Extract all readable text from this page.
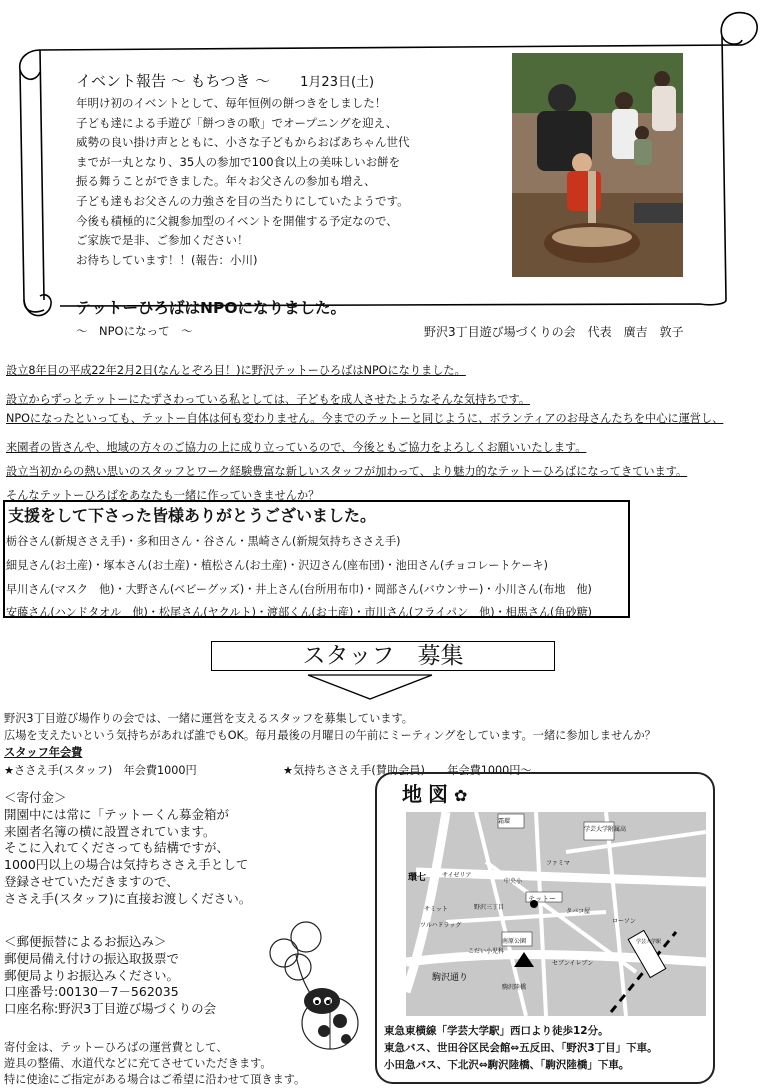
イベント報告 ～ もちつき ～ 1月23日(土)
年明け初のイベントとして、毎年恒例の餅つきをしました！
子ども達による手遊び「餅つきの歌」でオープニングを迎え、
威勢の良い掛け声とともに、小さな子どもからおばあちゃん世代
までが一丸となり、35人の参加で100食以上の美味しいお餅を
振る舞うことができました。年々お父さんの参加も増え、
子ども達もお父さんの力強さを目の当たりにしていたようです。
今後も積極的に父親参加型のイベントを開催する予定なので、
ご家族で是非、ご参加ください！
お待ちしています！！(報告：小川)
テットーひろばはNPOになりました。
～　NPOになって　～	野沢3丁目遊び場づくりの会　代表　廣吉　敦子
設立8年目の平成22年2月2日(なんとぞろ目！)に野沢テットーひろばはNPOになりました。
設立からずっとテットーにたずさわっている私としては、子どもを成人させたようなそんな気持ちです。
NPOになったといっても、テットー自体は何も変わりません。今までのテットーと同じように、ボランティアのお母さんたちを中心に運営し、
来園者の皆さんや、地域の方々のご協力の上に成り立っているので、今後ともご協力をよろしくお願いいたします。
設立当初からの熱い思いのスタッフとワーク経験豊富な新しいスタッフが加わって、より魅力的なテットーひろばになってきています。
そんなテットーひろばをあなたも一緒に作っていきませんか？
支援をして下さった皆様ありがとうございました。
栃谷さん(新規ささえ手)・多和田さん・谷さん・黒崎さん(新規気持ちささえ手)
細見さん(お土産)・塚本さん(お土産)・植松さん(お土産)・沢辺さん(座布団)・池田さん(チョコレートケーキ)
早川さん(マスク　他)・大野さん(ベビーグッズ)・井上さん(台所用布巾)・岡部さん(バウンサー)・小川さん(布地　他)
安藤さん(ハンドタオル　他)・松尾さん(ヤクルト)・渡部くん(お土産)・市川さん(フライパン　他)・相馬さん(角砂糖)
スタッフ　募集
野沢3丁目遊び場作りの会では、一緒に運営を支えるスタッフを募集しています。
広場を支えたいという気持ちがあれば誰でもOK。毎月最後の月曜日の午前にミーティングをしています。一緒に参加しませんか？
スタッフ年会費
★ささえ手(スタッフ)　年会費1000円	★気持ちささえ手(賛助会員)　　年会費1000円～
＜寄付金＞
開園中には常に「テットーくん募金箱が
来園者名簿の横に設置されています。
そこに入れてくださっても結構ですが、
1000円以上の場合は気持ちささえ手として
登録させていただきますので、
ささえ手(スタッフ)に直接お渡しください。
＜郵便振替によるお振込み＞
郵便局備え付けの振込取扱票で
郵便局よりお振込みください。
口座番号:00130－7－562035
口座名称:野沢3丁目遊び場づくりの会
寄付金は、テットーひろばの運営費として、
遊具の整備、水道代などに充てさせていただきます。
特に使途にご指定がある場合はご希望に沿わせて頂きます。
地図✿
霜環
学芸大学附属高
ファミマ
環七	サイゼリア
野沢三丁目
中央小
サミット
テットー
タバコ屋
ツルハドラッグ
南原公園
ローソン
こだい小児科
セブンイレブン
駒沢通り
駒沢陸橋
学芸大学駅
東急東横線「学芸大学駅」西口より徒歩12分。
東急バス、世田谷区民会館⇔五反田、「野沢3丁目」下車。
小田急バス、下北沢⇔駒沢陸橋、「駒沢陸橋」下車。
